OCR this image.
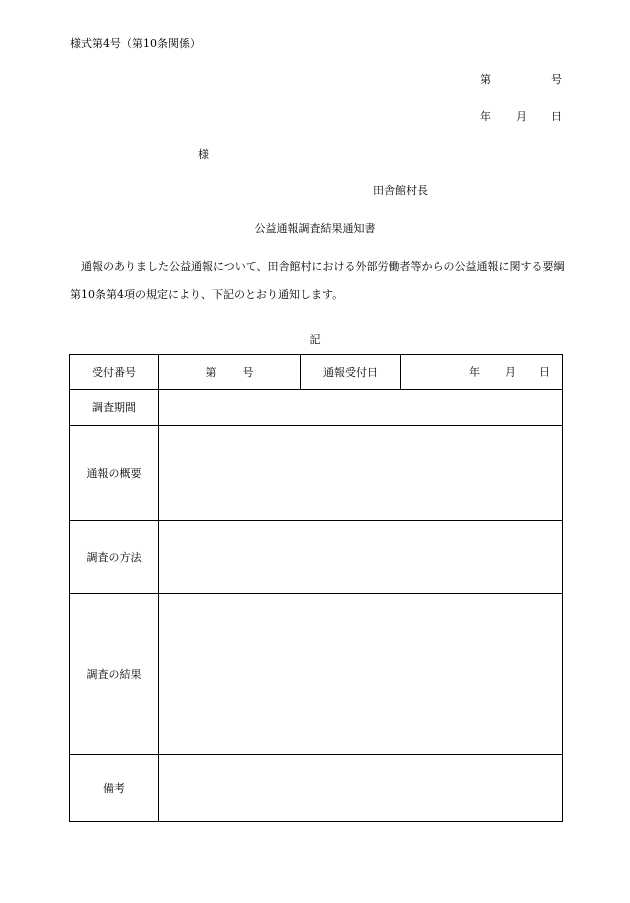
様式第4号（第10条関係）
第	号
年 月 日
様
田舎館村長
公益通報調査結果通知書
通報のありました公益通報について、田舎館村における外部労働者等からの公益通報に関する要綱第10条第4項の規定により、下記のとおり通知します。
記
受付番号	第 号	通報受付日	年 月 日

調査期間			
通報の概要			
調査の方法			
調査の結果			
備考			
